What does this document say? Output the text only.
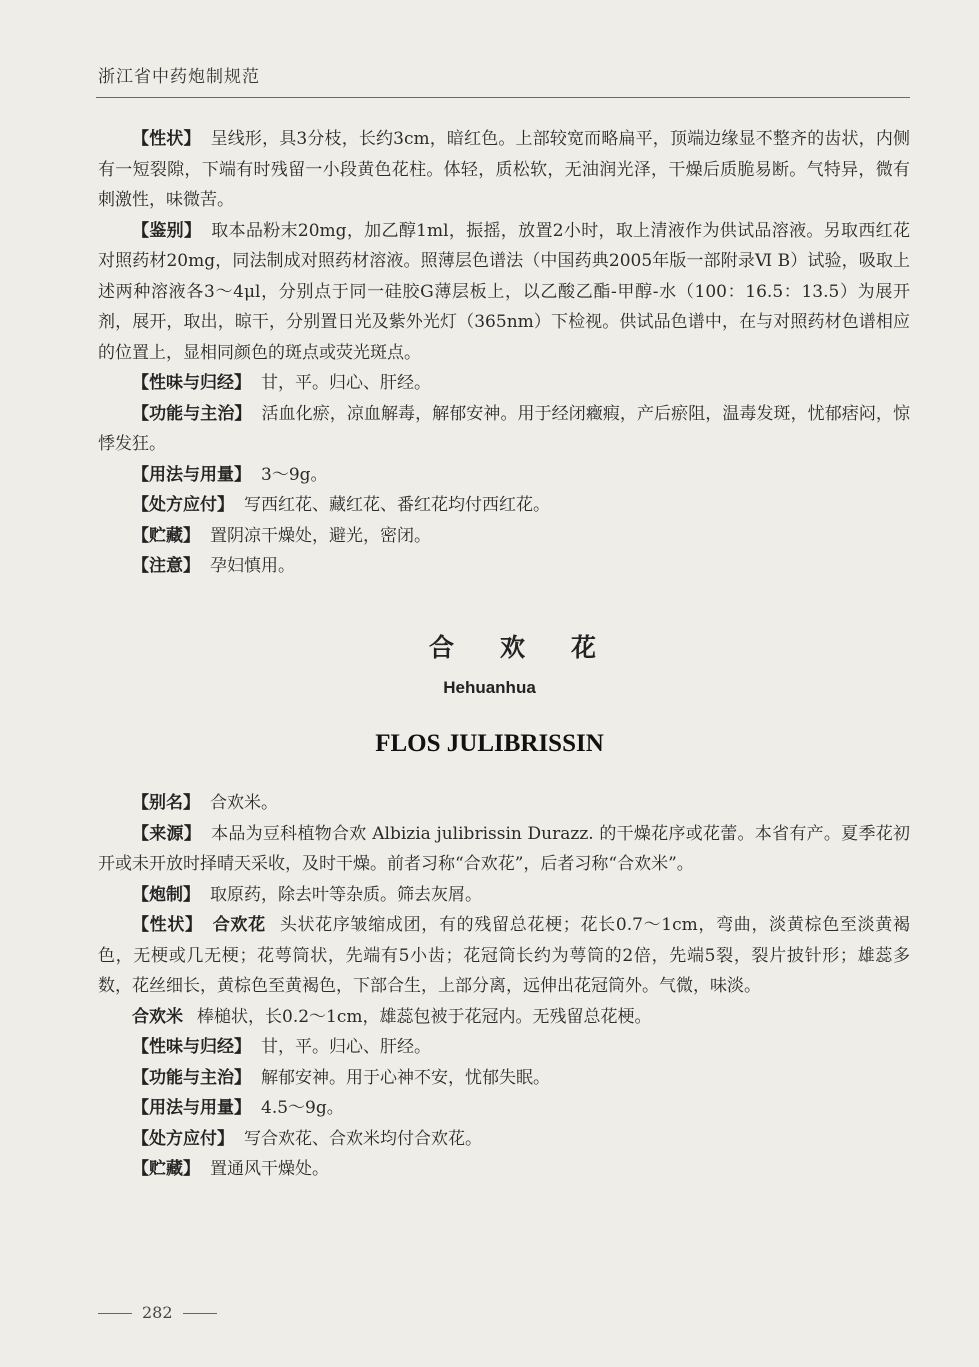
浙江省中药炮制规范

【性状】 呈线形，具3分枝，长约3cm，暗红色。上部较宽而略扁平，顶端边缘显不整齐的齿状，内侧有一短裂隙，下端有时残留一小段黄色花柱。体轻，质松软，无油润光泽，干燥后质脆易断。气特异，微有刺激性，味微苦。

【鉴别】 取本品粉末20mg，加乙醇1ml，振摇，放置2小时，取上清液作为供试品溶液。另取西红花对照药材20mg，同法制成对照药材溶液。照薄层色谱法（中国药典2005年版一部附录Ⅵ B）试验，吸取上述两种溶液各3～4μl，分别点于同一硅胶G薄层板上，以乙酸乙酯-甲醇-水（100：16.5：13.5）为展开剂，展开，取出，晾干，分别置日光及紫外光灯（365nm）下检视。供试品色谱中，在与对照药材色谱相应的位置上，显相同颜色的斑点或荧光斑点。

【性味与归经】 甘，平。归心、肝经。

【功能与主治】 活血化瘀，凉血解毒，解郁安神。用于经闭癥瘕，产后瘀阻，温毒发斑，忧郁痞闷，惊悸发狂。

【用法与用量】 3～9g。

【处方应付】 写西红花、藏红花、番红花均付西红花。

【贮藏】 置阴凉干燥处，避光，密闭。

【注意】 孕妇慎用。

合欢花
Hehuanhua
FLOS JULIBRISSIN

【别名】 合欢米。

【来源】 本品为豆科植物合欢 Albizia julibrissin Durazz. 的干燥花序或花蕾。本省有产。夏季花初开或未开放时择晴天采收，及时干燥。前者习称“合欢花”，后者习称“合欢米”。

【炮制】 取原药，除去叶等杂质。筛去灰屑。

【性状】 合欢花 头状花序皱缩成团，有的残留总花梗；花长0.7～1cm，弯曲，淡黄棕色至淡黄褐色，无梗或几无梗；花萼筒状，先端有5小齿；花冠筒长约为萼筒的2倍，先端5裂，裂片披针形；雄蕊多数，花丝细长，黄棕色至黄褐色，下部合生，上部分离，远伸出花冠筒外。气微，味淡。

合欢米 棒槌状，长0.2～1cm，雄蕊包被于花冠内。无残留总花梗。

【性味与归经】 甘，平。归心、肝经。

【功能与主治】 解郁安神。用于心神不安，忧郁失眠。

【用法与用量】 4.5～9g。

【处方应付】 写合欢花、合欢米均付合欢花。

【贮藏】 置通风干燥处。

282
